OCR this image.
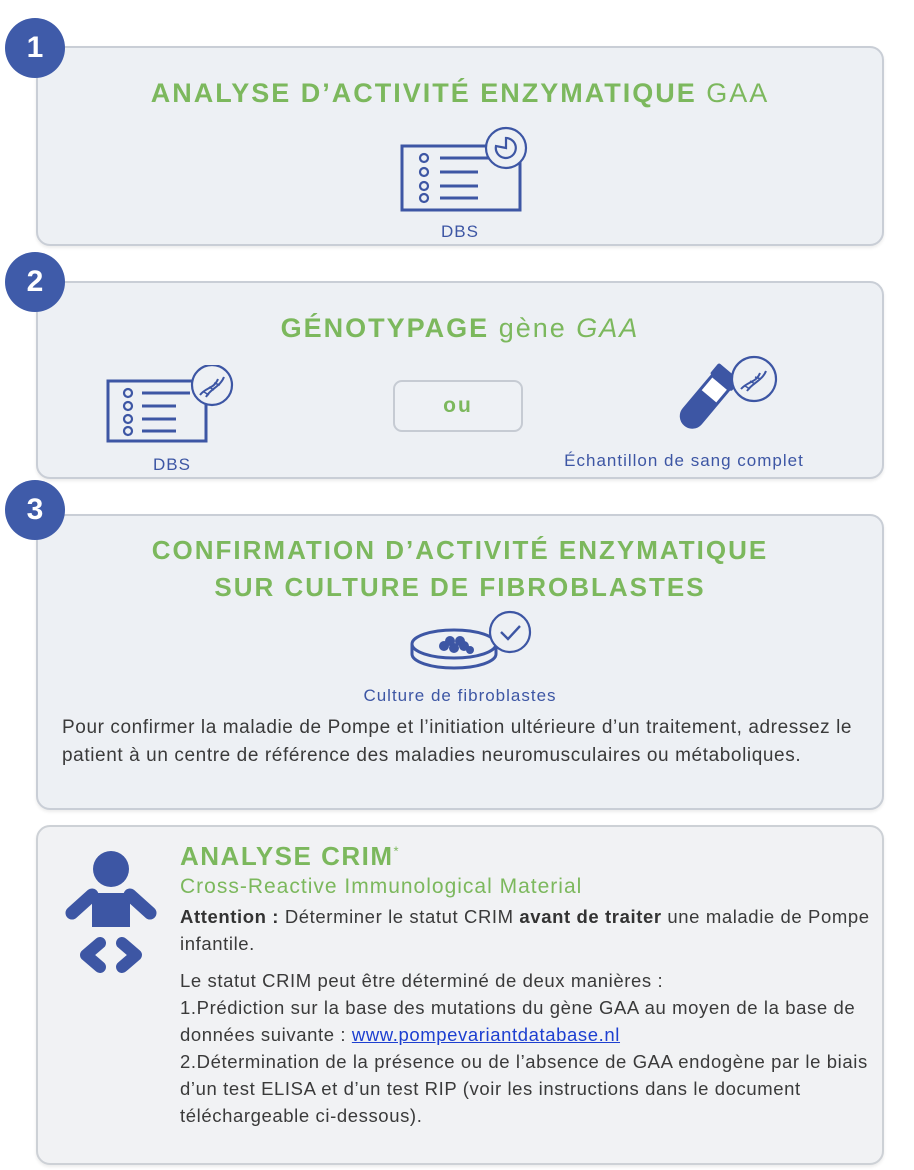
ANALYSE D’ACTIVITÉ ENZYMATIQUE GAA
DBS
1
GÉNOTYPAGE gène GAA
DBS
ou
Échantillon de sang complet
2
CONFIRMATION D’ACTIVITÉ ENZYMATIQUE
SUR CULTURE DE FIBROBLASTES
Culture de fibroblastes
Pour confirmer la maladie de Pompe et l’initiation ultérieure d’un traitement, adressez le patient à un centre de référence des maladies neuromusculaires ou métaboliques.
3
ANALYSE CRIM*
Cross-Reactive Immunological Material
Attention : Déterminer le statut CRIM avant de traiter une maladie de Pompe infantile.
Le statut CRIM peut être déterminé de deux manières :
1.Prédiction sur la base des mutations du gène GAA au moyen de la base de données suivante : www.pompevariantdatabase.nl
2.Détermination de la présence ou de l’absence de GAA endogène par le biais d’un test ELISA et d’un test RIP (voir les instructions dans le document téléchargeable ci-dessous).
